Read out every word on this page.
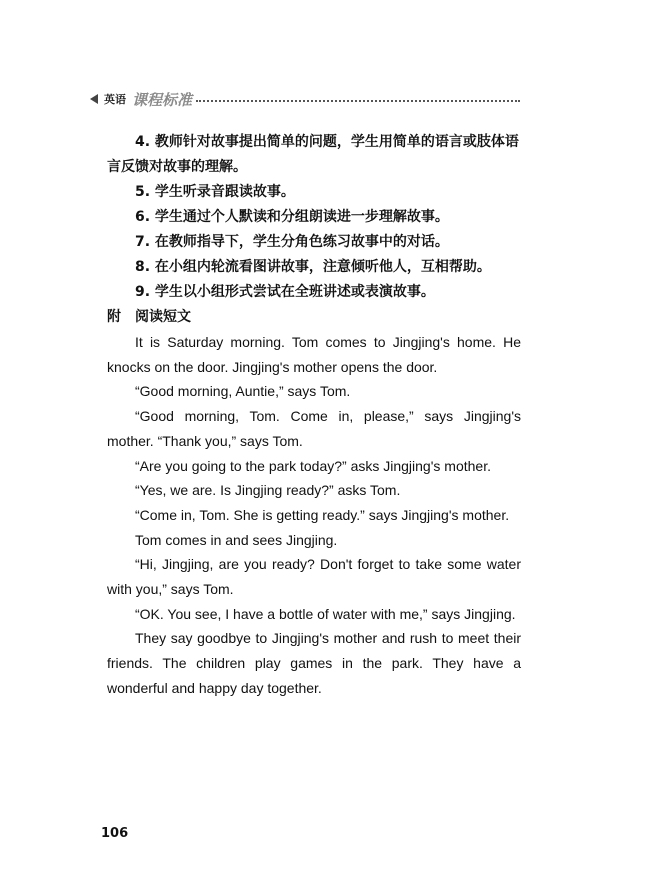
英语 课程标准

4. 教师针对故事提出简单的问题，学生用简单的语言或肢体语言反馈对故事的理解。

5. 学生听录音跟读故事。

6. 学生通过个人默读和分组朗读进一步理解故事。

7. 在教师指导下，学生分角色练习故事中的对话。

8. 在小组内轮流看图讲故事，注意倾听他人，互相帮助。

9. 学生以小组形式尝试在全班讲述或表演故事。

附	阅读短文

It is Saturday morning. Tom comes to Jingjing's home. He knocks on the door. Jingjing's mother opens the door.

“Good morning, Auntie,” says Tom.

“Good morning, Tom. Come in, please,” says Jingjing's mother. “Thank you,” says Tom.

“Are you going to the park today?” asks Jingjing's mother.

“Yes, we are. Is Jingjing ready?” asks Tom.

“Come in, Tom. She is getting ready.” says Jingjing's mother.

Tom comes in and sees Jingjing.

“Hi, Jingjing, are you ready? Don't forget to take some water with you,” says Tom.

“OK. You see, I have a bottle of water with me,” says Jingjing.

They say goodbye to Jingjing's mother and rush to meet their friends. The children play games in the park. They have a wonderful and happy day together.

106
